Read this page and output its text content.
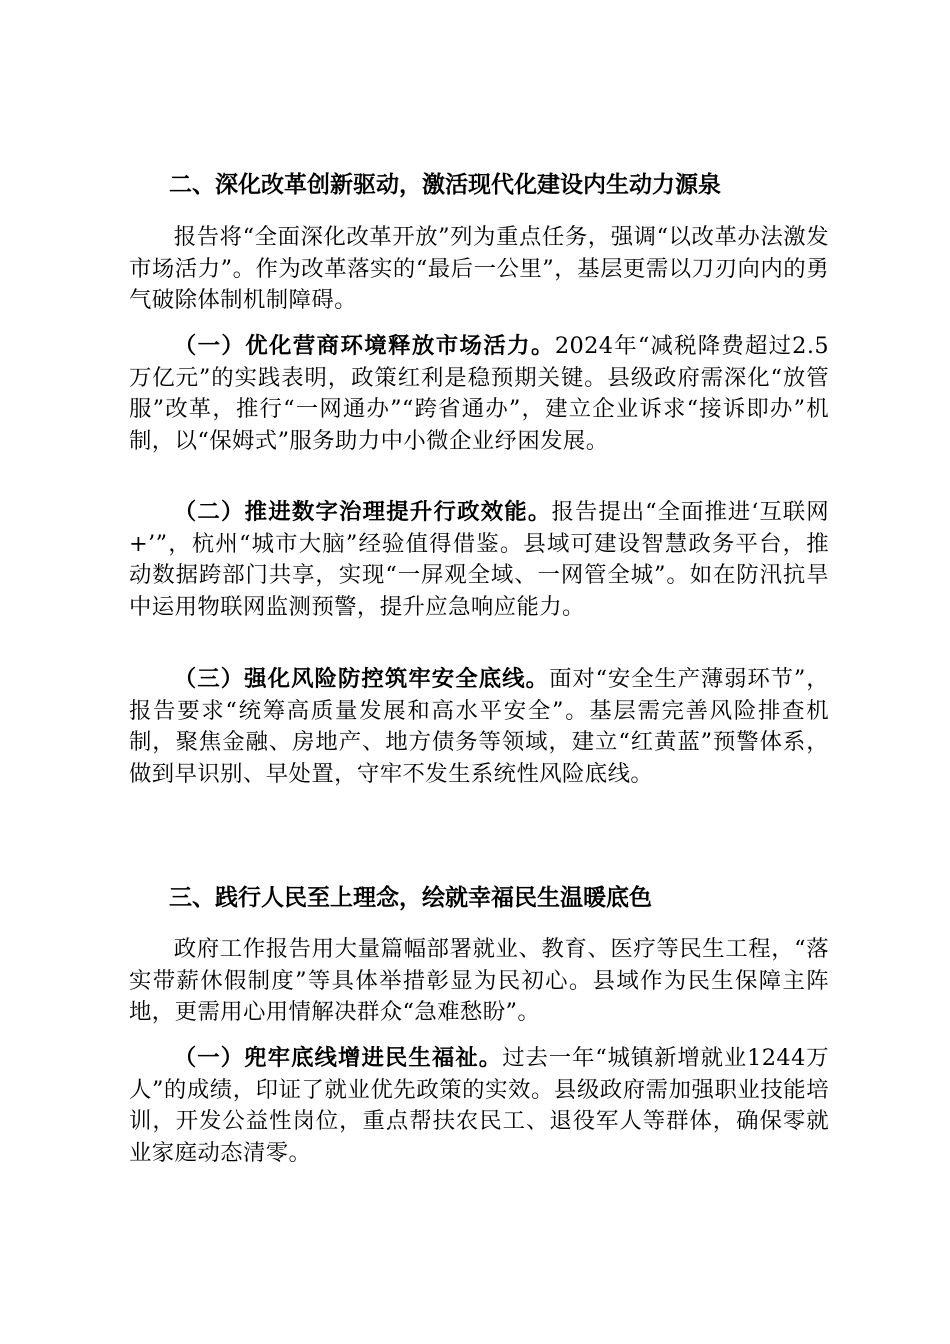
二、深化改革创新驱动，激活现代化建设内生动力源泉

报告将“全面深化改革开放”列为重点任务，强调“以改革办法激发市场活力”。作为改革落实的“最后一公里”，基层更需以刀刃向内的勇气破除体制机制障碍。

（一）优化营商环境释放市场活力。2024年“减税降费超过2.5万亿元”的实践表明，政策红利是稳预期关键。县级政府需深化“放管服”改革，推行“一网通办”“跨省通办”，建立企业诉求“接诉即办”机制，以“保姆式”服务助力中小微企业纾困发展。

（二）推进数字治理提升行政效能。报告提出“全面推进‘互联网+’”，杭州“城市大脑”经验值得借鉴。县域可建设智慧政务平台，推动数据跨部门共享，实现“一屏观全域、一网管全城”。如在防汛抗旱中运用物联网监测预警，提升应急响应能力。

（三）强化风险防控筑牢安全底线。面对“安全生产薄弱环节”，报告要求“统筹高质量发展和高水平安全”。基层需完善风险排查机制，聚焦金融、房地产、地方债务等领域，建立“红黄蓝”预警体系，做到早识别、早处置，守牢不发生系统性风险底线。

三、践行人民至上理念，绘就幸福民生温暖底色

政府工作报告用大量篇幅部署就业、教育、医疗等民生工程，“落实带薪休假制度”等具体举措彰显为民初心。县域作为民生保障主阵地，更需用心用情解决群众“急难愁盼”。

（一）兜牢底线增进民生福祉。过去一年“城镇新增就业1244万人”的成绩，印证了就业优先政策的实效。县级政府需加强职业技能培训，开发公益性岗位，重点帮扶农民工、退役军人等群体，确保零就业家庭动态清零。
